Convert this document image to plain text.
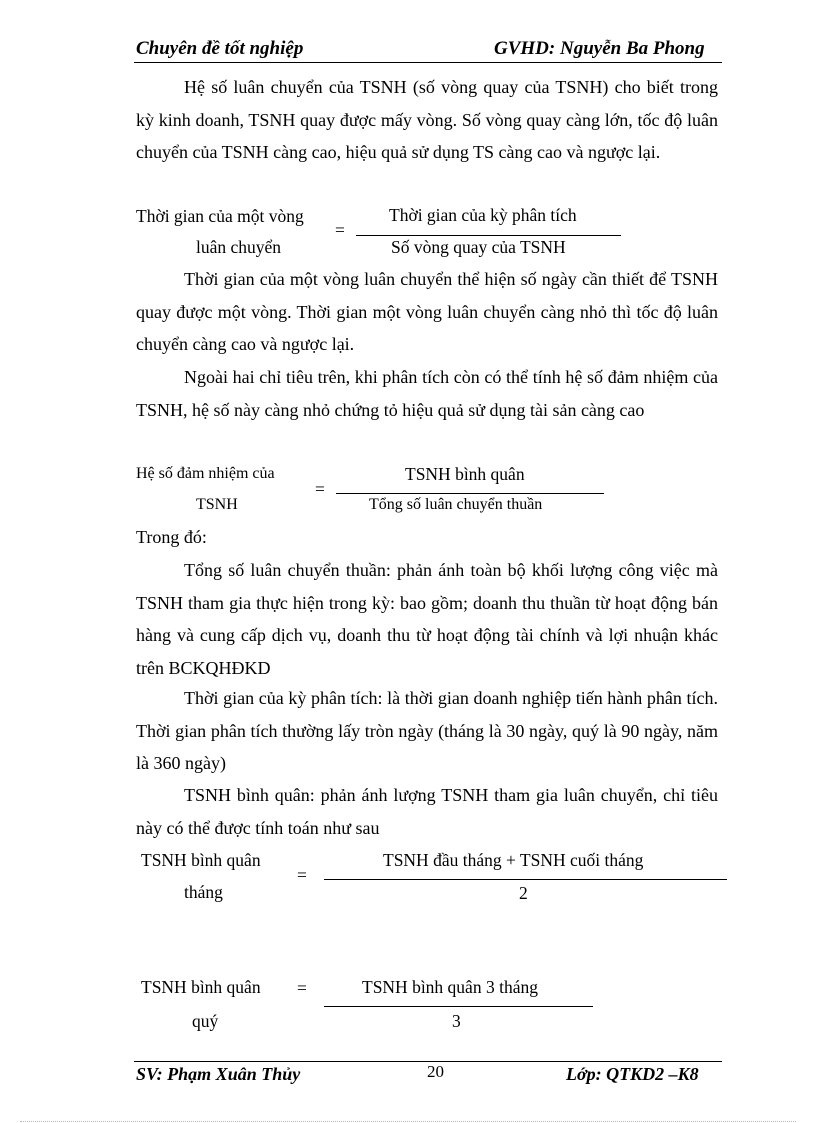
Chuyên đề tốt nghiệp	GVHD: Nguyễn Ba Phong
Hệ số luân chuyển của TSNH (số vòng quay của TSNH) cho biết trong kỳ kinh doanh, TSNH quay được mấy vòng. Số vòng quay càng lớn, tốc độ luân chuyển của TSNH càng cao, hiệu quả sử dụng TS càng cao và ngược lại.
Thời gian của một vòng
luân chuyển
=
Thời gian của kỳ phân tích
Số vòng quay của TSNH
Thời gian của một vòng luân chuyển thể hiện số ngày cần thiết để TSNH quay được một vòng. Thời gian một vòng luân chuyển càng nhỏ thì tốc độ luân chuyển càng cao và ngược lại.
Ngoài hai chỉ tiêu trên, khi phân tích còn có thể tính hệ số đảm nhiệm của TSNH, hệ số này càng nhỏ chứng tỏ hiệu quả sử dụng tài sản càng cao
Hệ số đảm nhiệm của
TSNH
=
TSNH bình quân
Tổng số luân chuyển thuần
Trong đó:
Tổng số luân chuyển thuần: phản ánh toàn bộ khối lượng công việc mà TSNH tham gia thực hiện trong kỳ: bao gồm; doanh thu thuần từ hoạt động bán hàng và cung cấp dịch vụ, doanh thu từ hoạt động tài chính và lợi nhuận khác trên BCKQHĐKD
Thời gian của kỳ phân tích: là thời gian doanh nghiệp tiến hành phân tích. Thời gian phân tích thường lấy tròn ngày (tháng là 30 ngày, quý là 90 ngày, năm là 360 ngày)
TSNH bình quân: phản ánh lượng TSNH tham gia luân chuyển, chỉ tiêu này có thể được tính toán như sau
TSNH bình quân
tháng
=
TSNH đầu tháng + TSNH cuối tháng
2
TSNH bình quân
quý
=	TSNH bình quân 3 tháng
3
SV: Phạm Xuân Thủy	20	Lớp: QTKD2 –K8
